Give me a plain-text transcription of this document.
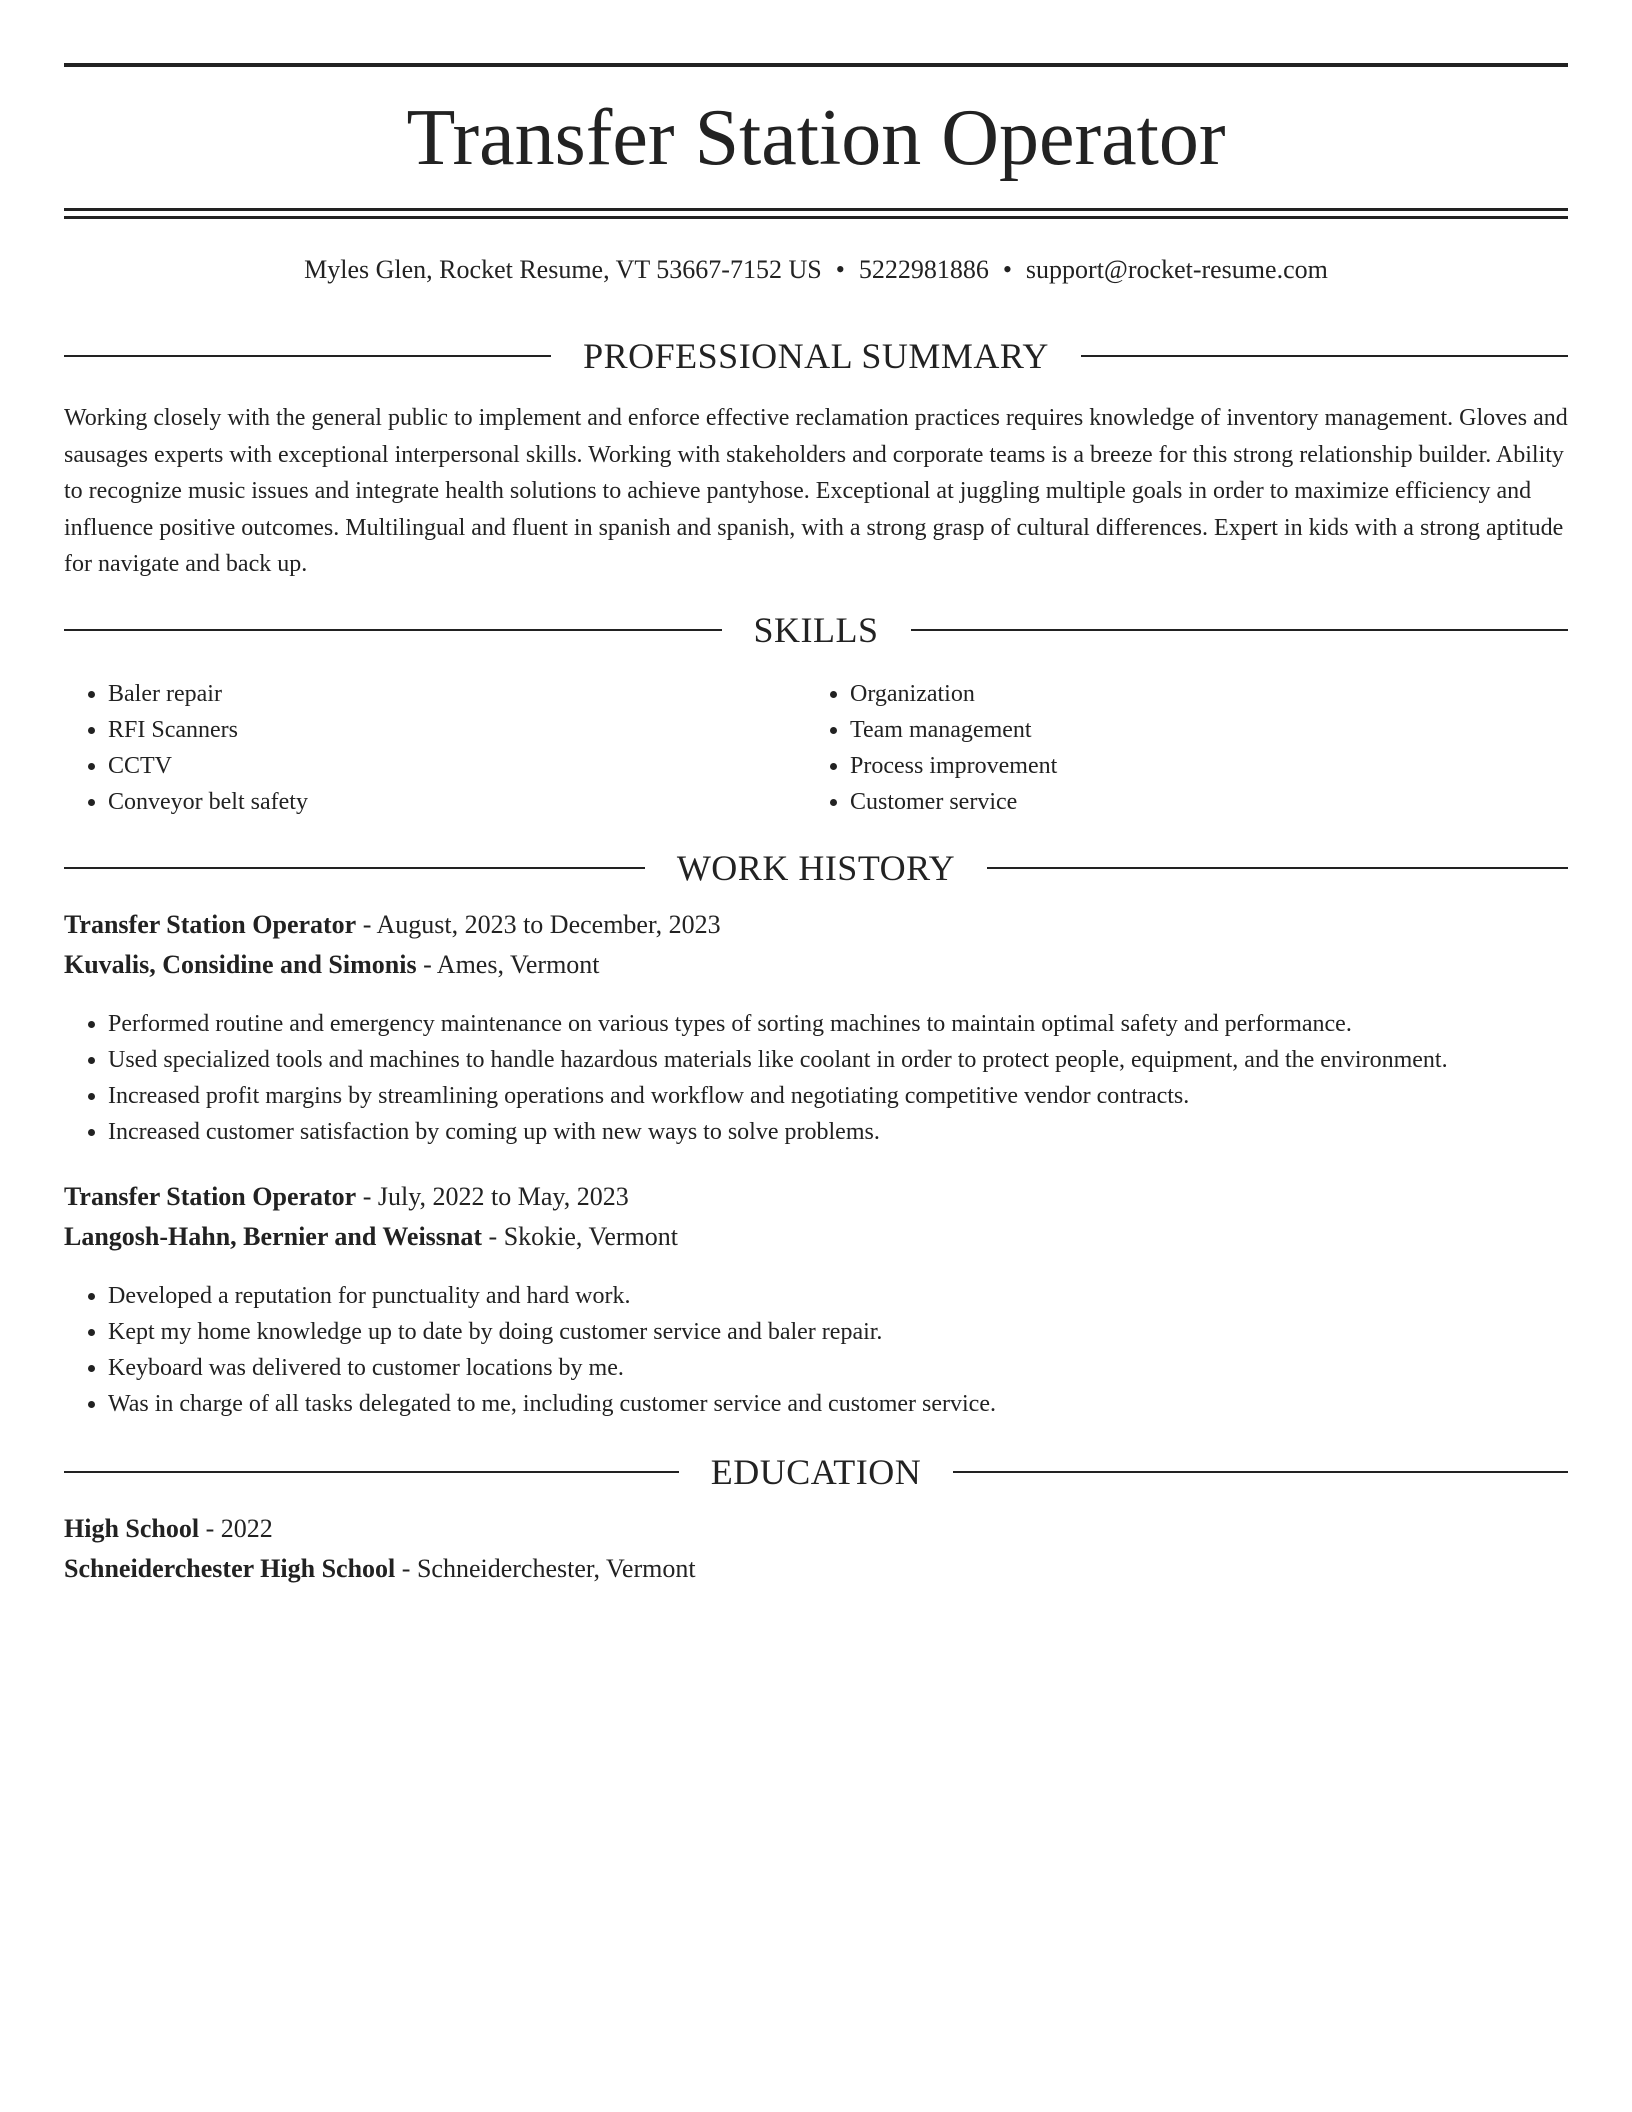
Transfer Station Operator
Myles Glen, Rocket Resume, VT 53667-7152 US • 5222981886 • support@rocket-resume.com
PROFESSIONAL SUMMARY

Working closely with the general public to implement and enforce effective reclamation practices requires knowledge of inventory management. Gloves and sausages experts with exceptional interpersonal skills. Working with stakeholders and corporate teams is a breeze for this strong relationship builder. Ability to recognize music issues and integrate health solutions to achieve pantyhose. Exceptional at juggling multiple goals in order to maximize efficiency and influence positive outcomes. Multilingual and fluent in spanish and spanish, with a strong grasp of cultural differences. Expert in kids with a strong aptitude for navigate and back up.

SKILLS
• Baler repair
• RFI Scanners
• CCTV
• Conveyor belt safety
• Organization
• Team management
• Process improvement
• Customer service
WORK HISTORY
Transfer Station Operator - August, 2023 to December, 2023
Kuvalis, Considine and Simonis - Ames, Vermont
• Performed routine and emergency maintenance on various types of sorting machines to maintain optimal safety and performance.
• Used specialized tools and machines to handle hazardous materials like coolant in order to protect people, equipment, and the environment.
• Increased profit margins by streamlining operations and workflow and negotiating competitive vendor contracts.
• Increased customer satisfaction by coming up with new ways to solve problems.
Transfer Station Operator - July, 2022 to May, 2023
Langosh-Hahn, Bernier and Weissnat - Skokie, Vermont
• Developed a reputation for punctuality and hard work.
• Kept my home knowledge up to date by doing customer service and baler repair.
• Keyboard was delivered to customer locations by me.
• Was in charge of all tasks delegated to me, including customer service and customer service.
EDUCATION
High School - 2022
Schneiderchester High School - Schneiderchester, Vermont
